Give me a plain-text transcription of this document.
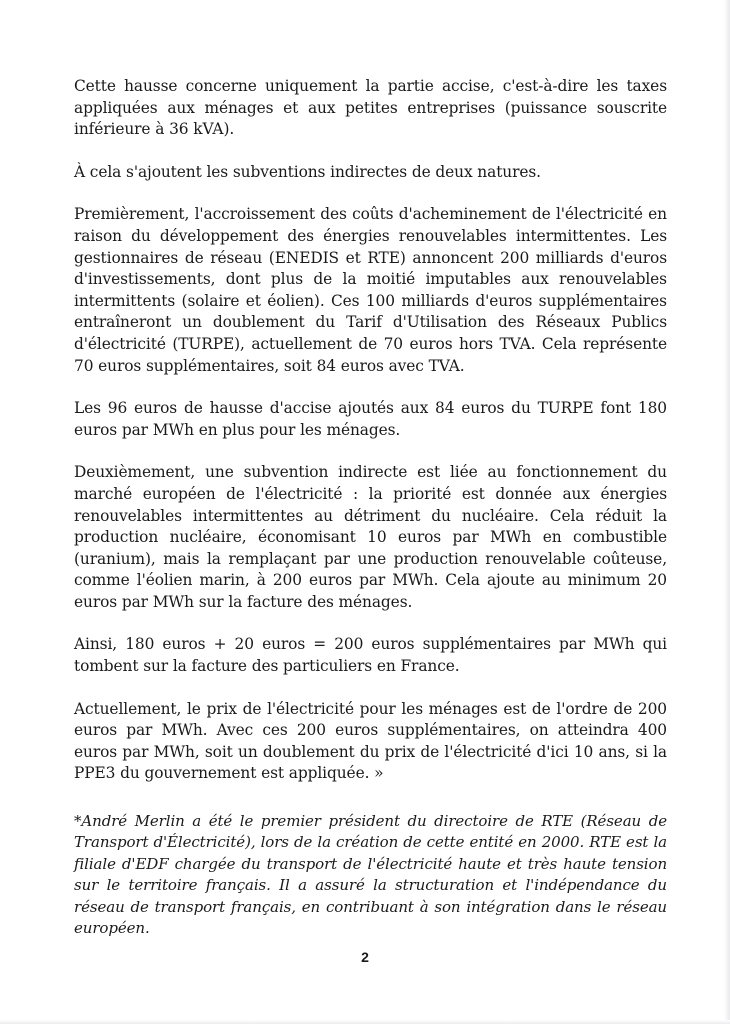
Cette hausse concerne uniquement la partie accise, c'est-à-dire les taxes appliquées aux ménages et aux petites entreprises (puissance souscrite inférieure à 36 kVA).

À cela s'ajoutent les subventions indirectes de deux natures.

Premièrement, l'accroissement des coûts d'acheminement de l'électricité en raison du développement des énergies renouvelables intermittentes. Les gestionnaires de réseau (ENEDIS et RTE) annoncent 200 milliards d'euros d'investissements, dont plus de la moitié imputables aux renouvelables intermittents (solaire et éolien). Ces 100 milliards d'euros supplémentaires entraîneront un doublement du Tarif d'Utilisation des Réseaux Publics d'électricité (TURPE), actuellement de 70 euros hors TVA. Cela représente 70 euros supplémentaires, soit 84 euros avec TVA.

Les 96 euros de hausse d'accise ajoutés aux 84 euros du TURPE font 180 euros par MWh en plus pour les ménages.

Deuxièmement, une subvention indirecte est liée au fonctionnement du marché européen de l'électricité : la priorité est donnée aux énergies renouvelables intermittentes au détriment du nucléaire. Cela réduit la production nucléaire, économisant 10 euros par MWh en combustible (uranium), mais la remplaçant par une production renouvelable coûteuse, comme l'éolien marin, à 200 euros par MWh. Cela ajoute au minimum 20 euros par MWh sur la facture des ménages.

Ainsi, 180 euros + 20 euros = 200 euros supplémentaires par MWh qui tombent sur la facture des particuliers en France.

Actuellement, le prix de l'électricité pour les ménages est de l'ordre de 200 euros par MWh. Avec ces 200 euros supplémentaires, on atteindra 400 euros par MWh, soit un doublement du prix de l'électricité d'ici 10 ans, si la PPE3 du gouvernement est appliquée. »

*André Merlin a été le premier président du directoire de RTE (Réseau de Transport d'Électricité), lors de la création de cette entité en 2000. RTE est la filiale d'EDF chargée du transport de l'électricité haute et très haute tension sur le territoire français. Il a assuré la structuration et l'indépendance du réseau de transport français, en contribuant à son intégration dans le réseau européen.

2
